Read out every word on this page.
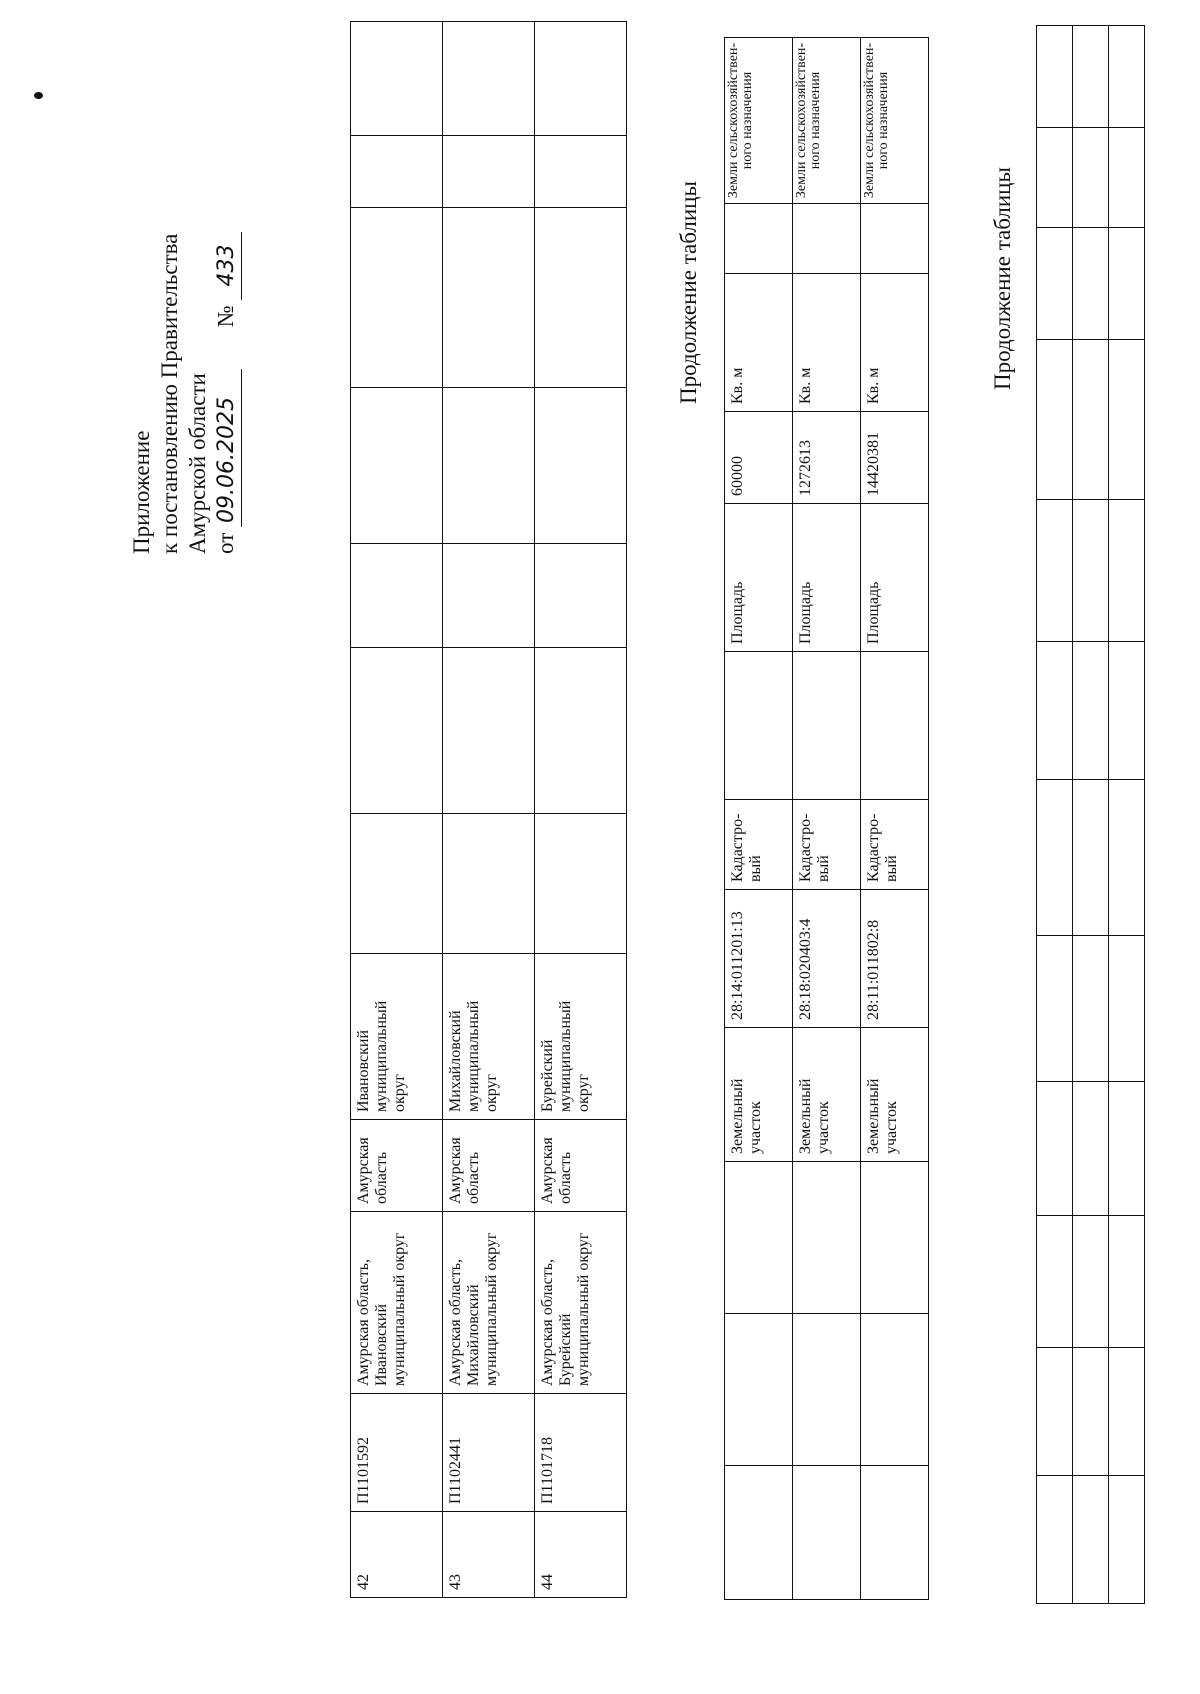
Приложение к постановлению Правительства Амурской области от 09.06.2025 № 433
42	П1101592	Амурская область, Ивановский муниципальный округ	Амурская область	Ивановский муниципальный округ							
43	П1102441	Амурская область, Михайловский муниципальный округ	Амурская область	Михайловский муниципальный округ							
44	П1101718	Амурская область, Бурейский муниципальный округ	Амурская область	Бурейский муниципальный округ							
Продолжение таблицы
			Земельный участок	28:14:011201:13	Кадастро-вый		Площадь	60000	Кв. м		Земли сельскохозяйствен-ного назначения
			Земельный участок	28:18:020403:4	Кадастро-вый		Площадь	1272613	Кв. м		Земли сельскохозяйствен-ного назначения
			Земельный участок	28:11:011802:8	Кадастро-вый		Площадь	14420381	Кв. м		Земли сельскохозяйствен-ного назначения
Продолжение таблицы
